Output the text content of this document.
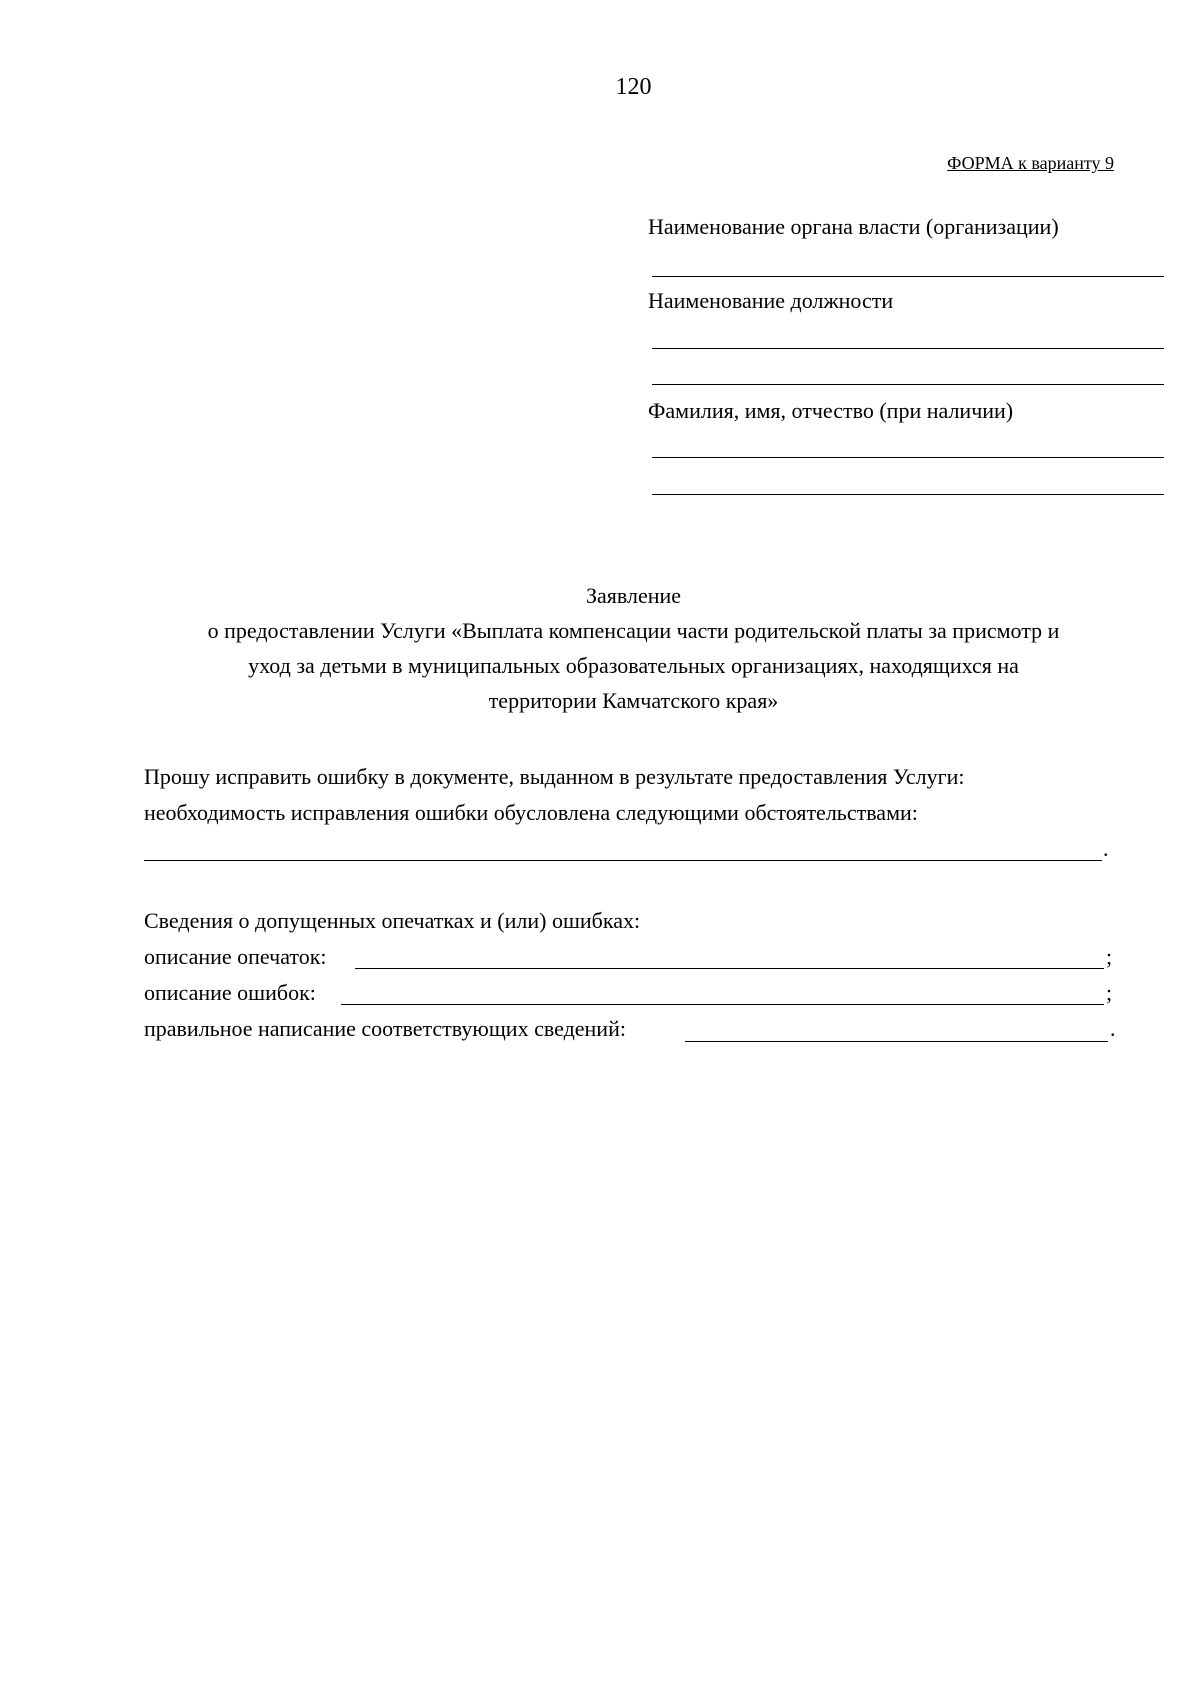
120
ФОРМА к варианту 9
Наименование органа власти (организации)
Наименование должности
Фамилия, имя, отчество (при наличии)
Заявление
о предоставлении Услуги «Выплата компенсации части родительской платы за присмотр и
уход за детьми в муниципальных образовательных организациях, находящихся на
территории Камчатского края»
Прошу исправить ошибку в документе, выданном в результате предоставления Услуги:
необходимость исправления ошибки обусловлена следующими обстоятельствами:
.
Сведения о допущенных опечатках и (или) ошибках:
описание опечаток:	;
описание ошибок:	;
правильное написание соответствующих сведений:	.
